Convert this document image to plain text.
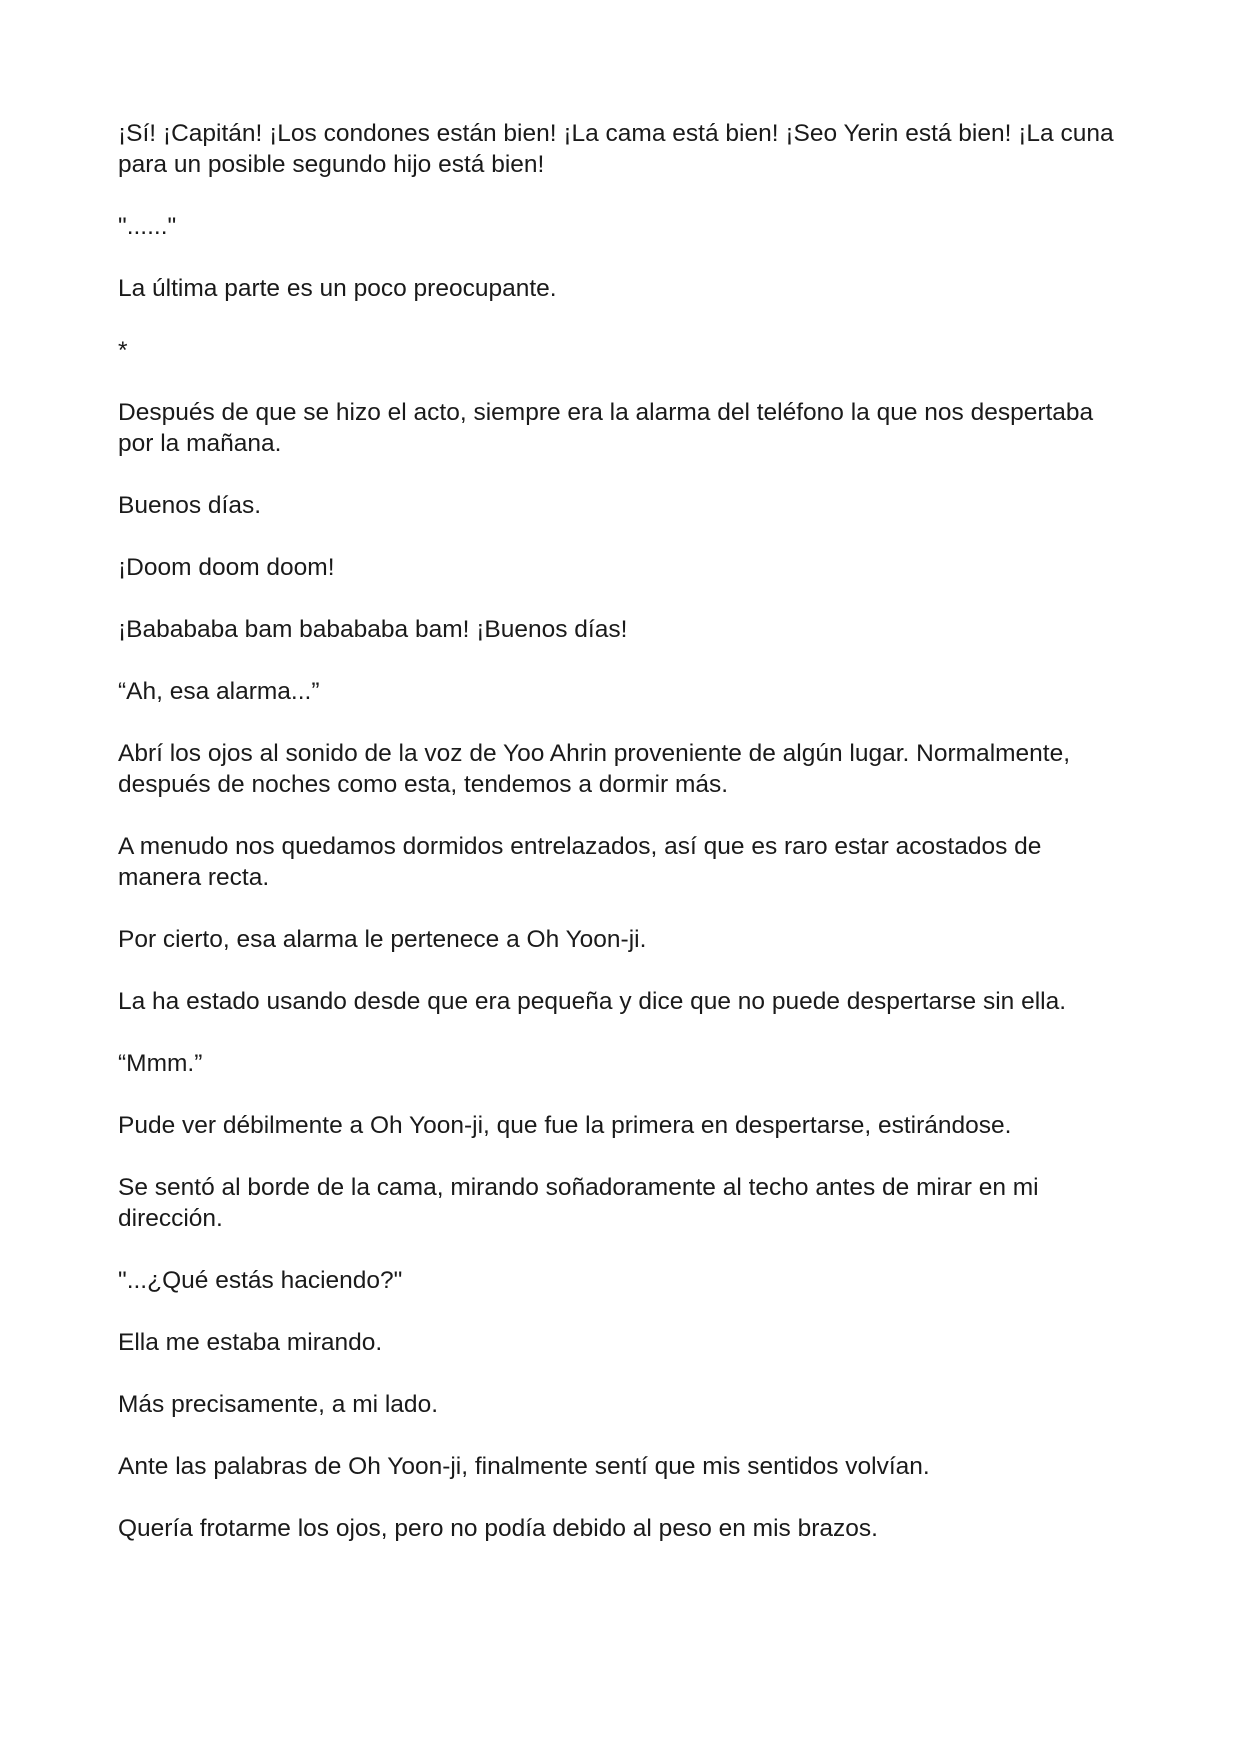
¡Sí! ¡Capitán! ¡Los condones están bien! ¡La cama está bien! ¡Seo Yerin está bien! ¡La cuna para un posible segundo hijo está bien!

"......"

La última parte es un poco preocupante.

*

Después de que se hizo el acto, siempre era la alarma del teléfono la que nos despertaba por la mañana.

Buenos días.

¡Doom doom doom!

¡Babababa bam babababa bam! ¡Buenos días!

“Ah, esa alarma...”

Abrí los ojos al sonido de la voz de Yoo Ahrin proveniente de algún lugar. Normalmente, después de noches como esta, tendemos a dormir más.

A menudo nos quedamos dormidos entrelazados, así que es raro estar acostados de manera recta.

Por cierto, esa alarma le pertenece a Oh Yoon-ji.

La ha estado usando desde que era pequeña y dice que no puede despertarse sin ella.

“Mmm.”

Pude ver débilmente a Oh Yoon-ji, que fue la primera en despertarse, estirándose.

Se sentó al borde de la cama, mirando soñadoramente al techo antes de mirar en mi dirección.

"...¿Qué estás haciendo?"

Ella me estaba mirando.

Más precisamente, a mi lado.

Ante las palabras de Oh Yoon-ji, finalmente sentí que mis sentidos volvían.

Quería frotarme los ojos, pero no podía debido al peso en mis brazos.
